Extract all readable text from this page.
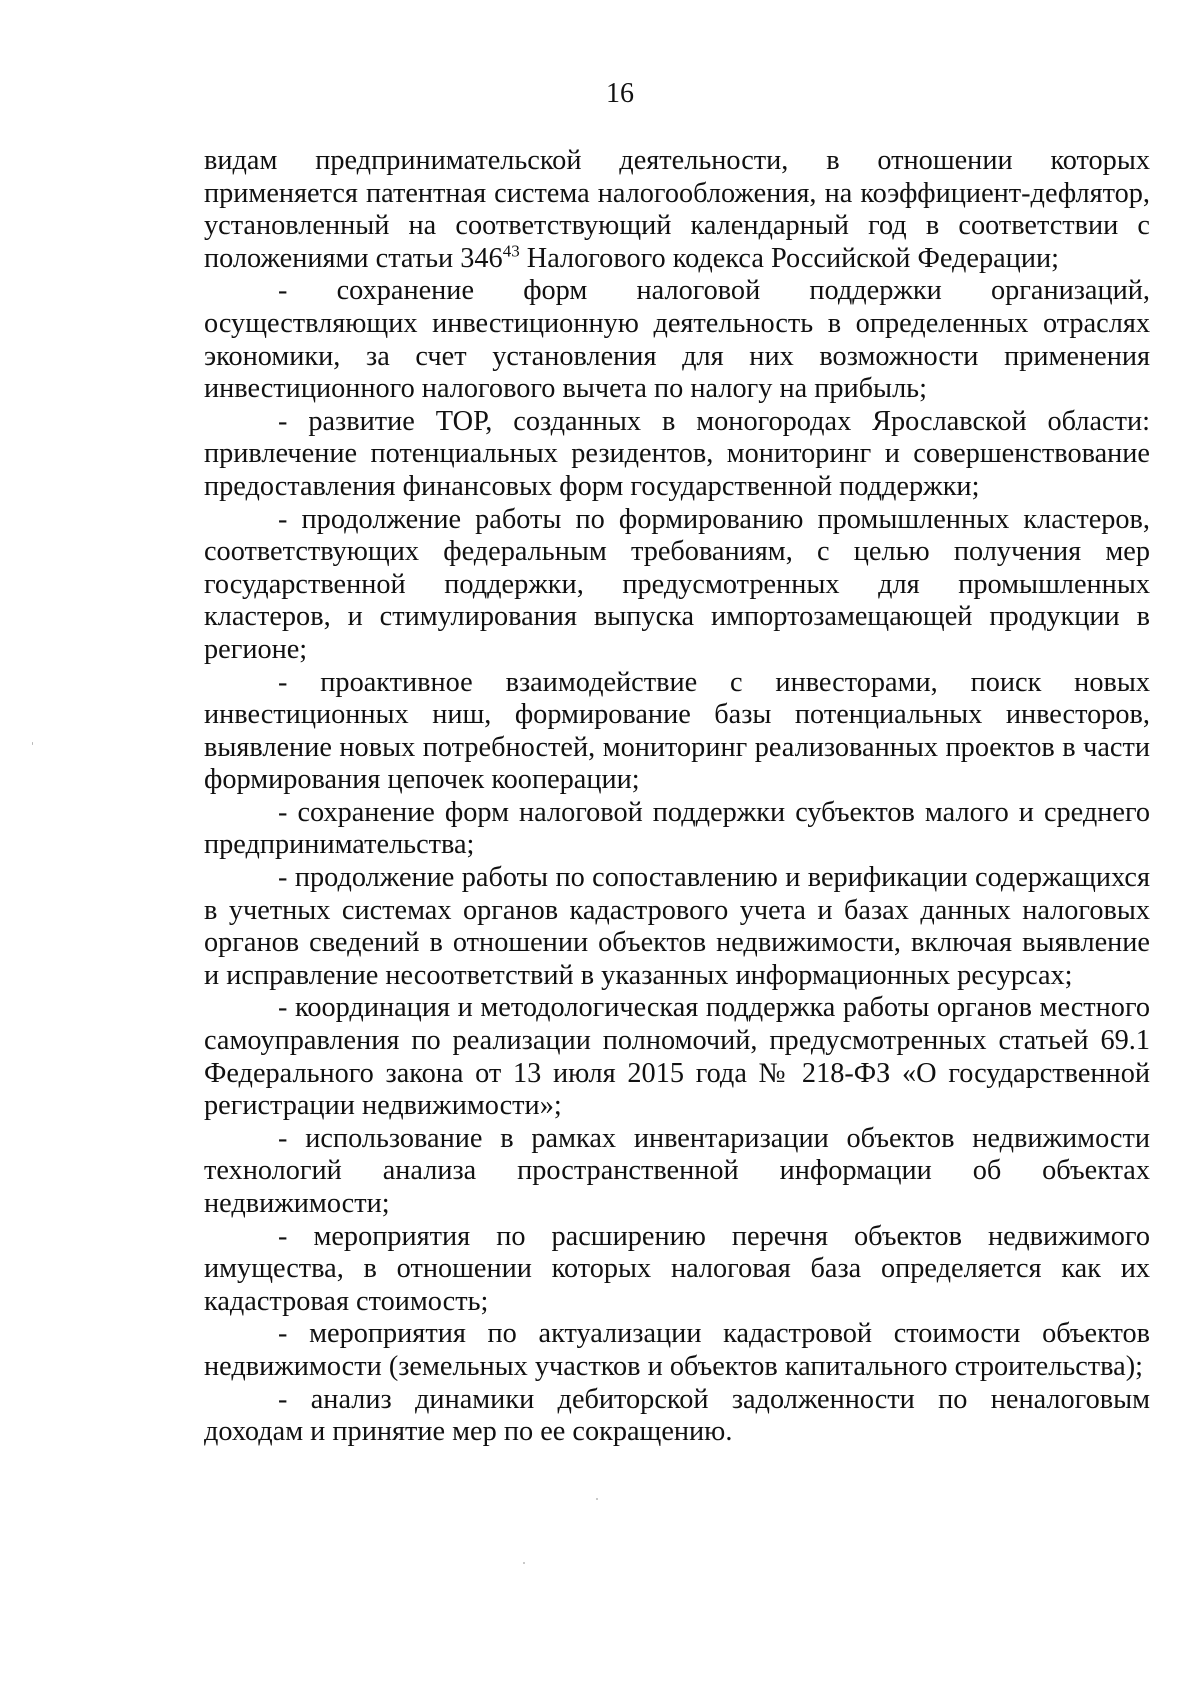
16

видам предпринимательской деятельности, в отношении которых применяется патентная система налогообложения, на коэффициент-дефлятор, установленный на соответствующий календарный год в соответствии с положениями статьи $346^{43}$ Налогового кодекса Российской Федерации;

- сохранение форм налоговой поддержки организаций, осуществляющих инвестиционную деятельность в определенных отраслях экономики, за счет установления для них возможности применения инвестиционного налогового вычета по налогу на прибыль;

- развитие ТОР, созданных в моногородах Ярославской области: привлечение потенциальных резидентов, мониторинг и совершенствование предоставления финансовых форм государственной поддержки;

- продолжение работы по формированию промышленных кластеров, соответствующих федеральным требованиям, с целью получения мер государственной поддержки, предусмотренных для промышленных кластеров, и стимулирования выпуска импортозамещающей продукции в регионе;

- проактивное взаимодействие с инвесторами, поиск новых инвестиционных ниш, формирование базы потенциальных инвесторов, выявление новых потребностей, мониторинг реализованных проектов в части формирования цепочек кооперации;

- сохранение форм налоговой поддержки субъектов малого и среднего предпринимательства;

- продолжение работы по сопоставлению и верификации содержащихся в учетных системах органов кадастрового учета и базах данных налоговых органов сведений в отношении объектов недвижимости, включая выявление и исправление несоответствий в указанных информационных ресурсах;

- координация и методологическая поддержка работы органов местного самоуправления по реализации полномочий, предусмотренных статьей 69.1 Федерального закона от 13 июля 2015 года № 218-ФЗ «О государственной регистрации недвижимости»;

- использование в рамках инвентаризации объектов недвижимости технологий анализа пространственной информации об объектах недвижимости;

- мероприятия по расширению перечня объектов недвижимого имущества, в отношении которых налоговая база определяется как их кадастровая стоимость;

- мероприятия по актуализации кадастровой стоимости объектов недвижимости (земельных участков и объектов капитального строительства);

- анализ динамики дебиторской задолженности по неналоговым доходам и принятие мер по ее сокращению.
